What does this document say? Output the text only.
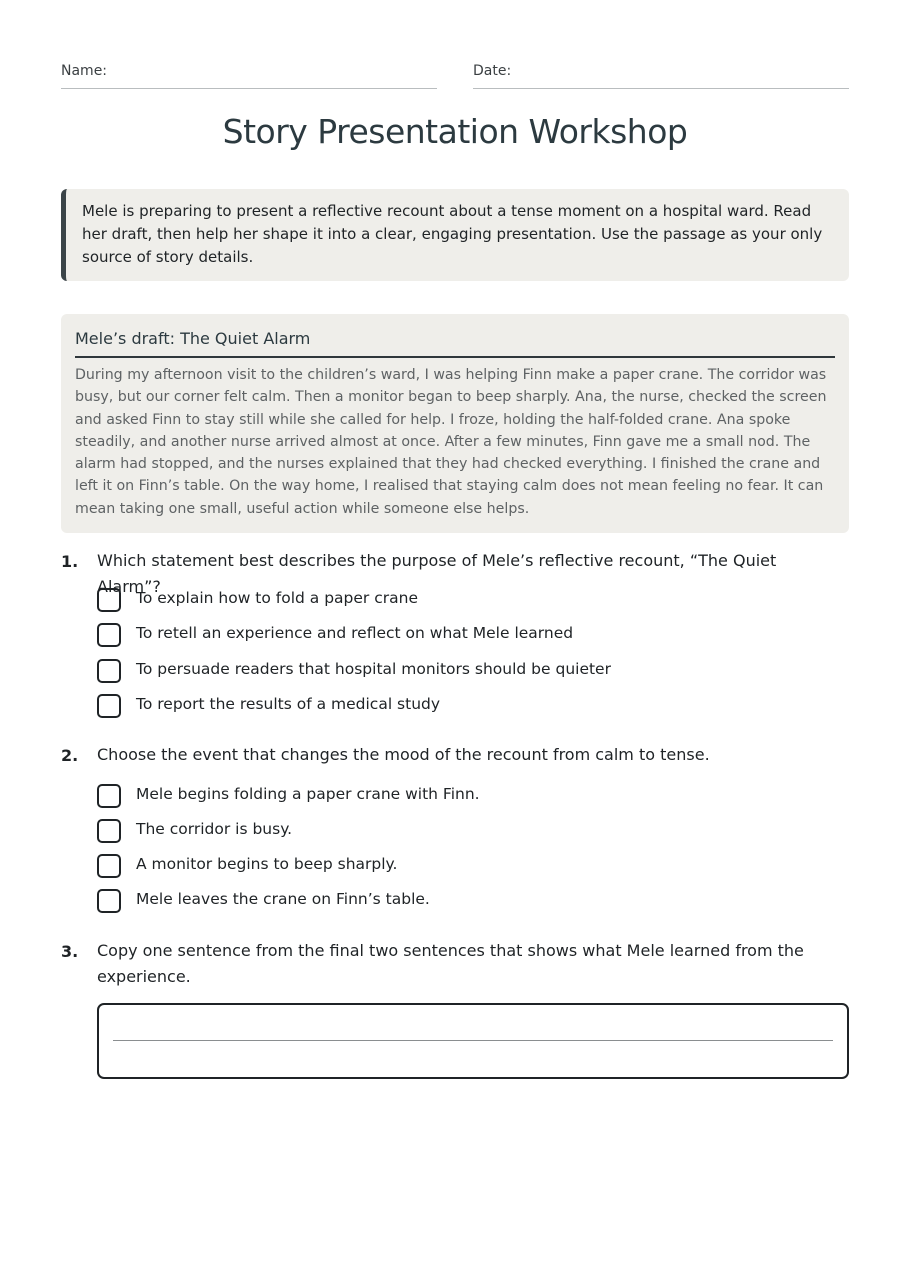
Name:	Date:
Story Presentation Workshop
Mele is preparing to present a reflective recount about a tense moment on a hospital ward. Read her draft, then help her shape it into a clear, engaging presentation. Use the passage as your only source of story details.
Mele’s draft: The Quiet Alarm
During my afternoon visit to the children’s ward, I was helping Finn make a paper crane. The corridor was busy, but our corner felt calm. Then a monitor began to beep sharply. Ana, the nurse, checked the screen and asked Finn to stay still while she called for help. I froze, holding the half-folded crane. Ana spoke steadily, and another nurse arrived almost at once. After a few minutes, Finn gave me a small nod. The alarm had stopped, and the nurses explained that they had checked everything. I finished the crane and left it on Finn’s table. On the way home, I realised that staying calm does not mean feeling no fear. It can mean taking one small, useful action while someone else helps.
1. Which statement best describes the purpose of Mele’s reflective recount, “The Quiet Alarm”?
To explain how to fold a paper crane
To retell an experience and reflect on what Mele learned
To persuade readers that hospital monitors should be quieter
To report the results of a medical study
2. Choose the event that changes the mood of the recount from calm to tense.
Mele begins folding a paper crane with Finn.
The corridor is busy.
A monitor begins to beep sharply.
Mele leaves the crane on Finn’s table.
3. Copy one sentence from the final two sentences that shows what Mele learned from the experience.
